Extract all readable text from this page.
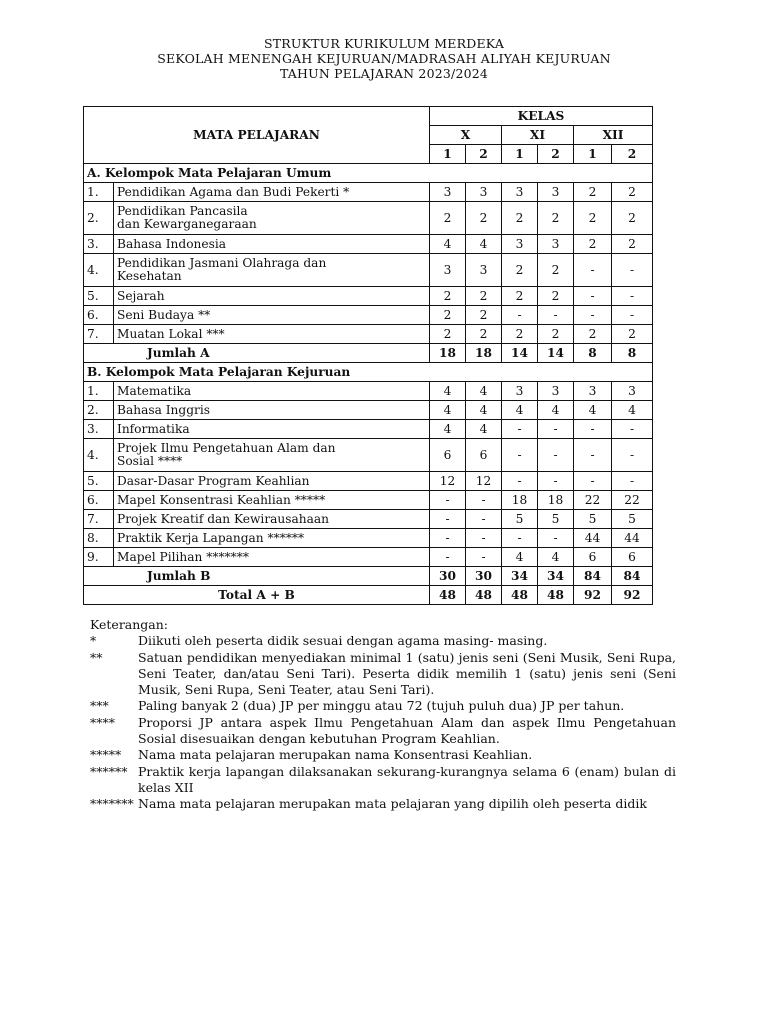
STRUKTUR KURIKULUM MERDEKA
SEKOLAH MENENGAH KEJURUAN/MADRASAH ALIYAH KEJURUAN
TAHUN PELAJARAN 2023/2024
MATA PELAJARAN		KELAS					
		X		XI		XII	
		1	2	1	2	1	2
A. Kelompok Mata Pelajaran Umum							
1.	Pendidikan Agama dan Budi Pekerti *	3	3	3	3	2	2
2.	Pendidikan Pancasila
dan Kewarganegaraan	2	2	2	2	2	2
3.	Bahasa Indonesia	4	4	3	3	2	2
4.	Pendidikan Jasmani Olahraga dan
Kesehatan	3	3	2	2	-	-
5.	Sejarah	2	2	2	2	-	-
6.	Seni Budaya **	2	2	-	-	-	-
7.	Muatan Lokal ***	2	2	2	2	2	2
Jumlah A		18	18	14	14	8	8
B. Kelompok Mata Pelajaran Kejuruan							
1.	Matematika	4	4	3	3	3	3
2.	Bahasa Inggris	4	4	4	4	4	4
3.	Informatika	4	4	-	-	-	-
4.	Projek Ilmu Pengetahuan Alam dan
Sosial ****	6	6	-	-	-	-
5.	Dasar-Dasar Program Keahlian	12	12	-	-	-	-
6.	Mapel Konsentrasi Keahlian *****	-	-	18	18	22	22
7.	Projek Kreatif dan Kewirausahaan	-	-	5	5	5	5
8.	Praktik Kerja Lapangan ******	-	-	-	-	44	44
9.	Mapel Pilihan *******	-	-	4	4	6	6
Jumlah B		30	30	34	34	84	84
Total A + B		48	48	48	48	92	92
Keterangan:
*	Diikuti oleh peserta didik sesuai dengan agama masing- masing.
**	Satuan pendidikan menyediakan minimal 1 (satu) jenis seni (Seni Musik, Seni Rupa, Seni Teater, dan/atau Seni Tari). Peserta didik memilih 1 (satu) jenis seni (Seni Musik, Seni Rupa, Seni Teater, atau Seni Tari).
***	Paling banyak 2 (dua) JP per minggu atau 72 (tujuh puluh dua) JP per tahun.
****	Proporsi JP antara aspek Ilmu Pengetahuan Alam dan aspek Ilmu Pengetahuan Sosial disesuaikan dengan kebutuhan Program Keahlian.
*****	Nama mata pelajaran merupakan nama Konsentrasi Keahlian.
****** Praktik kerja lapangan dilaksanakan sekurang-kurangnya selama 6 (enam) bulan di kelas XII
******* Nama mata pelajaran merupakan mata pelajaran yang dipilih oleh peserta didik
